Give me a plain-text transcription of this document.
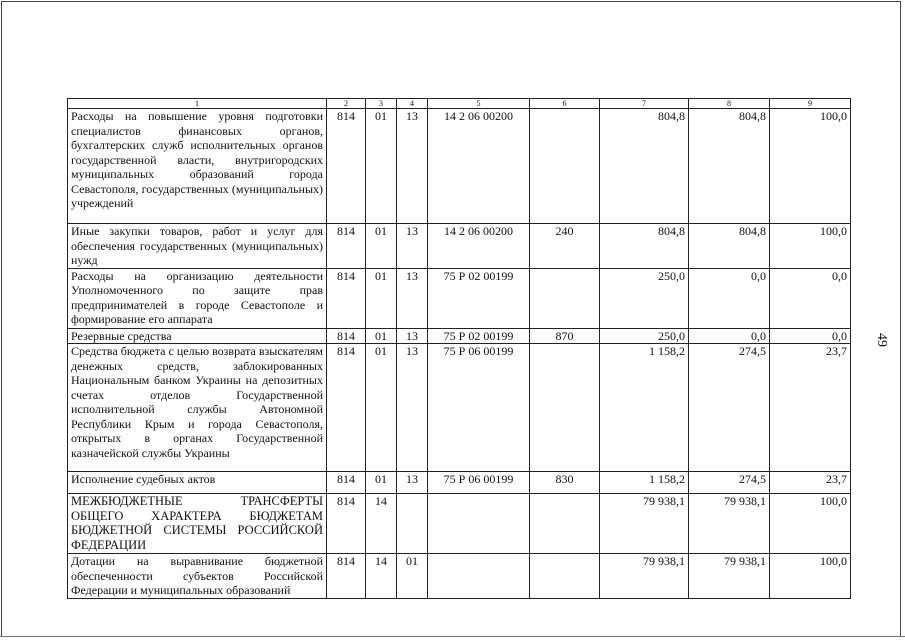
1	2	3	4	5	6	7	8	9
Расходы на повышение уровня подготовки специалистов финансовых органов, бухгалтерских служб исполнительных органов государственной власти, внутригородских муниципальных образований города Севастополя, государственных (муниципальных) учреждений	814	01	13	14 2 06 00200		804,8	804,8	100,0
Иные закупки товаров, работ и услуг для обеспечения государственных (муниципальных) нужд	814	01	13	14 2 06 00200	240	804,8	804,8	100,0
Расходы на организацию деятельности Уполномоченного по защите прав предпринимателей в городе Севастополе и формирование его аппарата	814	01	13	75 Р 02 00199		250,0	0,0	0,0
Резервные средства	814	01	13	75 Р 02 00199	870	250,0	0,0	0,0
Средства бюджета с целью возврата взыскателям денежных средств, заблокированных Национальным банком Украины на депозитных счетах отделов Государственной исполнительной службы Автономной Республики Крым и города Севастополя, открытых в органах Государственной казначейской службы Украины	814	01	13	75 Р 06 00199		1 158,2	274,5	23,7
Исполнение судебных актов	814	01	13	75 Р 06 00199	830	1 158,2	274,5	23,7
МЕЖБЮДЖЕТНЫЕ ТРАНСФЕРТЫ ОБЩЕГО ХАРАКТЕРА БЮДЖЕТАМ БЮДЖЕТНОЙ СИСТЕМЫ РОССИЙСКОЙ ФЕДЕРАЦИИ	814	14				79 938,1	79 938,1	100,0
Дотации на выравнивание бюджетной обеспеченности субъектов Российской Федерации и муниципальных образований	814	14	01			79 938,1	79 938,1	100,0
49
